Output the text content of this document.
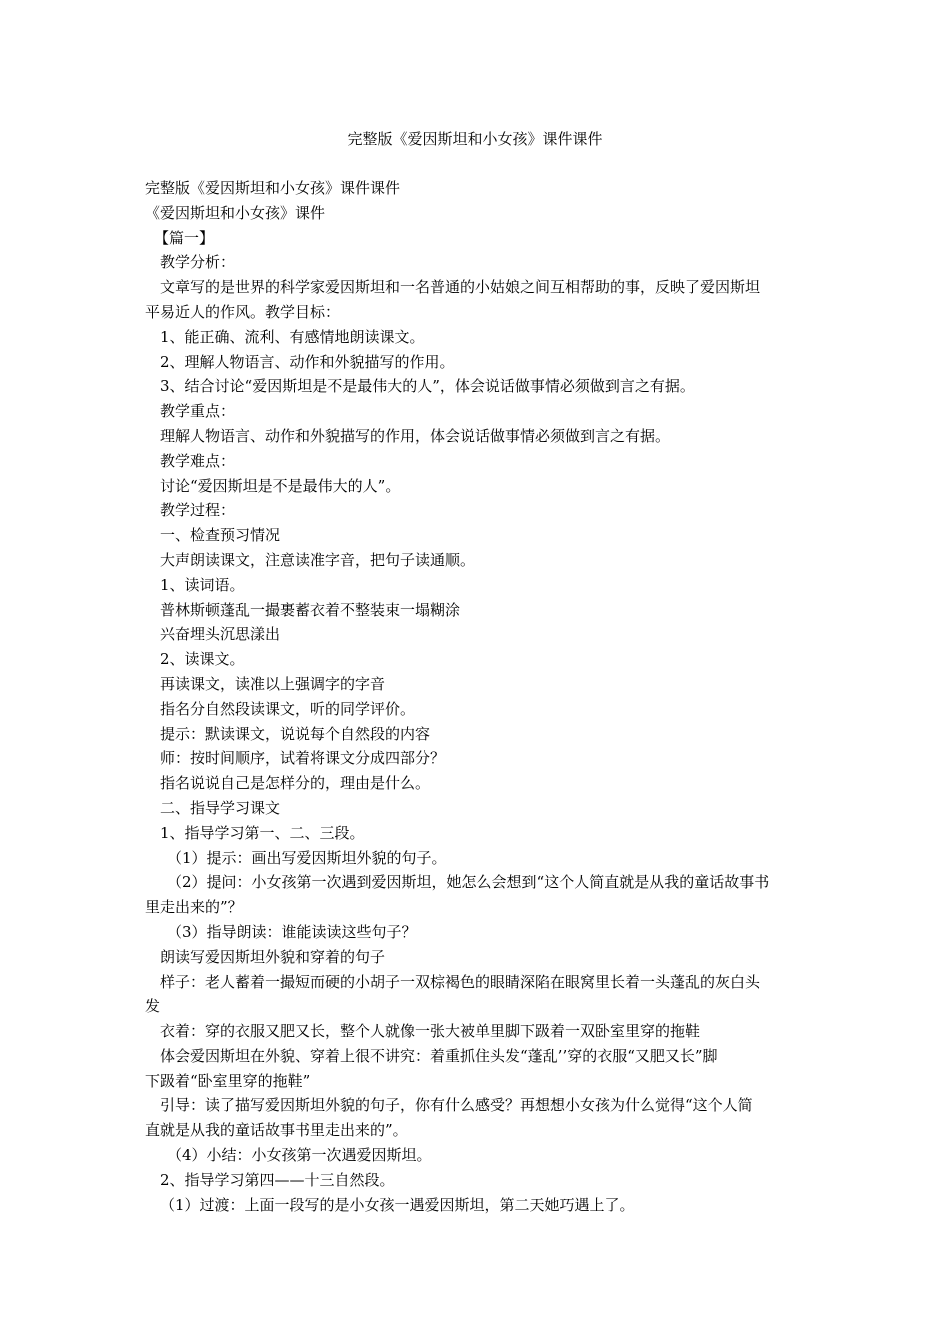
完整版《爱因斯坦和小女孩》课件课件
完整版《爱因斯坦和小女孩》课件课件
《爱因斯坦和小女孩》课件
【篇一】
教学分析：
文章写的是世界的科学家爱因斯坦和一名普通的小姑娘之间互相帮助的事，反映了爱因斯坦
平易近人的作风。教学目标：
1、能正确、流利、有感情地朗读课文。
2、理解人物语言、动作和外貌描写的作用。
3、结合讨论“爱因斯坦是不是最伟大的人”，体会说话做事情必须做到言之有据。
教学重点：
理解人物语言、动作和外貌描写的作用，体会说话做事情必须做到言之有据。
教学难点：
讨论“爱因斯坦是不是最伟大的人”。
教学过程：
一、检查预习情况
大声朗读课文，注意读准字音，把句子读通顺。
1、读词语。
普林斯顿蓬乱一撮裹蓄衣着不整装束一塌糊涂
兴奋埋头沉思漾出
2、读课文。
再读课文，读准以上强调字的字音
指名分自然段读课文，听的同学评价。
提示：默读课文，说说每个自然段的内容
师：按时间顺序，试着将课文分成四部分？
指名说说自己是怎样分的，理由是什么。
二、指导学习课文
1、指导学习第一、二、三段。
（1）提示：画出写爱因斯坦外貌的句子。
（2）提问：小女孩第一次遇到爱因斯坦，她怎么会想到“这个人简直就是从我的童话故事书
里走出来的”？
（3）指导朗读：谁能读读这些句子？
朗读写爱因斯坦外貌和穿着的句子
样子：老人蓄着一撮短而硬的小胡子一双棕褐色的眼睛深陷在眼窝里长着一头蓬乱的灰白头
发
衣着：穿的衣服又肥又长，整个人就像一张大被单里脚下趿着一双卧室里穿的拖鞋
体会爱因斯坦在外貌、穿着上很不讲究：着重抓住头发“蓬乱’’穿的衣服“又肥又长”脚
下趿着“卧室里穿的拖鞋”
引导：读了描写爱因斯坦外貌的句子，你有什么感受？再想想小女孩为什么觉得“这个人简
直就是从我的童话故事书里走出来的”。
（4）小结：小女孩第一次遇爱因斯坦。
2、指导学习第四——十三自然段。
（1）过渡：上面一段写的是小女孩一遇爱因斯坦，第二天她巧遇上了。
